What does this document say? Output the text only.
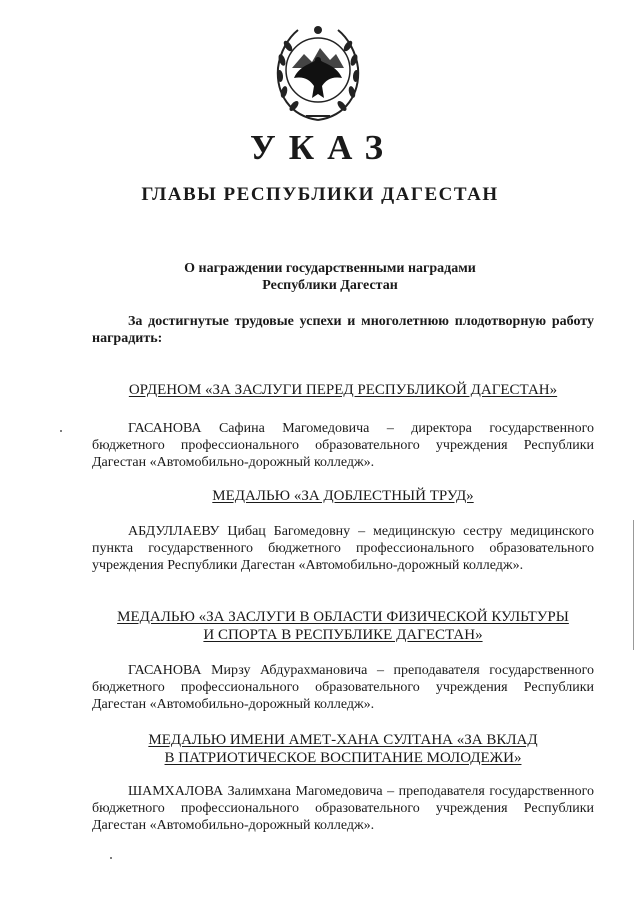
УКАЗ
ГЛАВЫ РЕСПУБЛИКИ ДАГЕСТАН
О награждении государственными наградами
Республики Дагестан
За достигнутые трудовые успехи и многолетнюю плодотворную работу наградить:
ОРДЕНОМ «ЗА ЗАСЛУГИ ПЕРЕД РЕСПУБЛИКОЙ ДАГЕСТАН»
ГАСАНОВА Сафина Магомедовича – директора государственного бюджетного профессионального образовательного учреждения Республики Дагестан «Автомобильно-дорожный колледж».
МЕДАЛЬЮ «ЗА ДОБЛЕСТНЫЙ ТРУД»
АБДУЛЛАЕВУ Цибац Багомедовну – медицинскую сестру медицинского пункта государственного бюджетного профессионального образовательного учреждения Республики Дагестан «Автомобильно-дорожный колледж».
МЕДАЛЬЮ «ЗА ЗАСЛУГИ В ОБЛАСТИ ФИЗИЧЕСКОЙ КУЛЬТУРЫ
И СПОРТА В РЕСПУБЛИКЕ ДАГЕСТАН»
ГАСАНОВА Мирзу Абдурахмановича – преподавателя государственного бюджетного профессионального образовательного учреждения Республики Дагестан «Автомобильно-дорожный колледж».
МЕДАЛЬЮ ИМЕНИ АМЕТ-ХАНА СУЛТАНА «ЗА ВКЛАД
В ПАТРИОТИЧЕСКОЕ ВОСПИТАНИЕ МОЛОДЕЖИ»
ШАМХАЛОВА Залимхана Магомедовича – преподавателя государственного бюджетного профессионального образовательного учреждения Республики Дагестан «Автомобильно-дорожный колледж».
